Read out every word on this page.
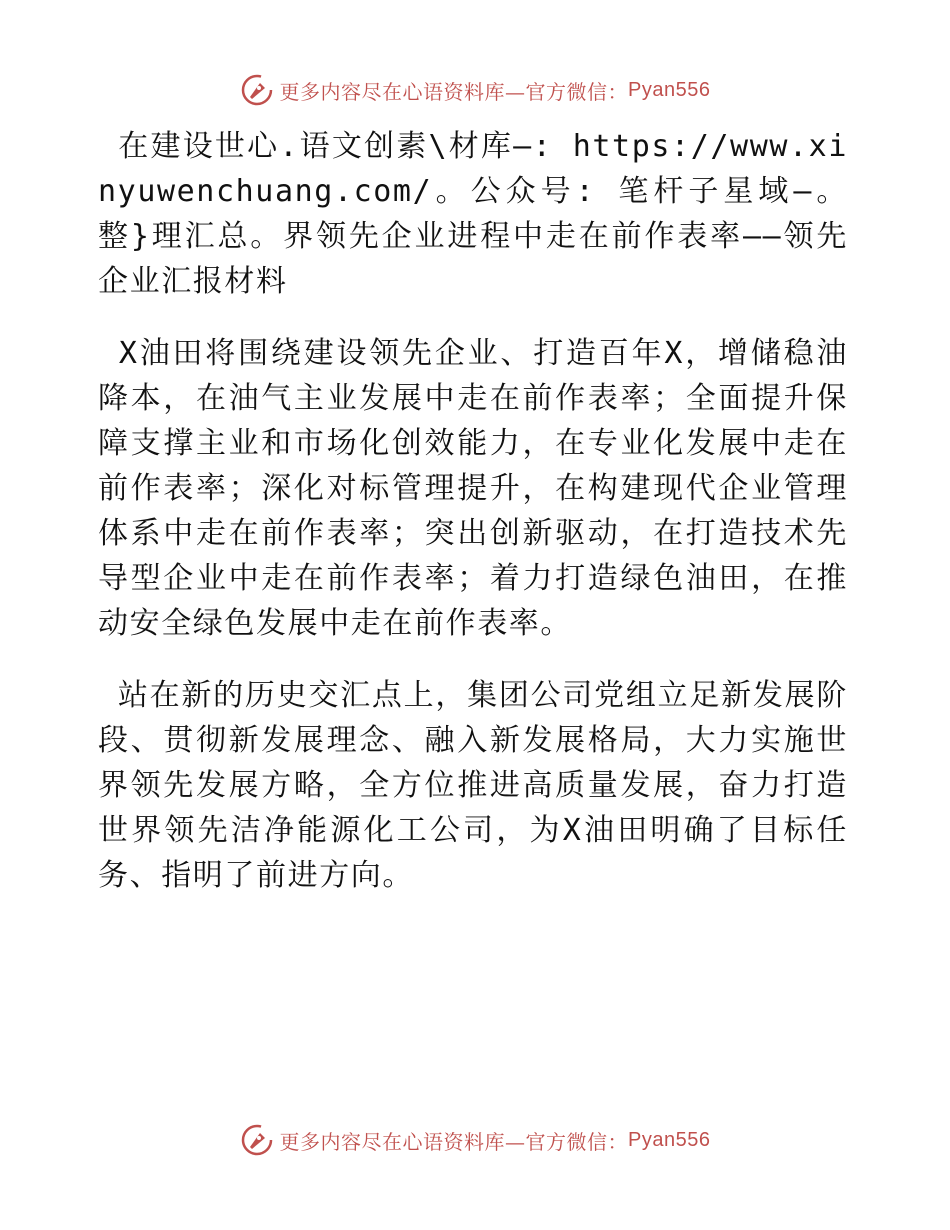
更多内容尽在心语资料库—官方微信： Pyan556

在建设世心.语文创素\材库—: https://www.xinyuwenchuang.com/。公众号: 笔杆子星域—。整}理汇总。界领先企业进程中走在前作表率——领先企业汇报材料

X油田将围绕建设领先企业、打造百年X，增储稳油降本，在油气主业发展中走在前作表率；全面提升保障支撑主业和市场化创效能力，在专业化发展中走在前作表率；深化对标管理提升，在构建现代企业管理体系中走在前作表率；突出创新驱动，在打造技术先导型企业中走在前作表率；着力打造绿色油田，在推动安全绿色发展中走在前作表率。

站在新的历史交汇点上，集团公司党组立足新发展阶段、贯彻新发展理念、融入新发展格局，大力实施世界领先发展方略，全方位推进高质量发展，奋力打造世界领先洁净能源化工公司，为X油田明确了目标任务、指明了前进方向。

更多内容尽在心语资料库—官方微信： Pyan556
